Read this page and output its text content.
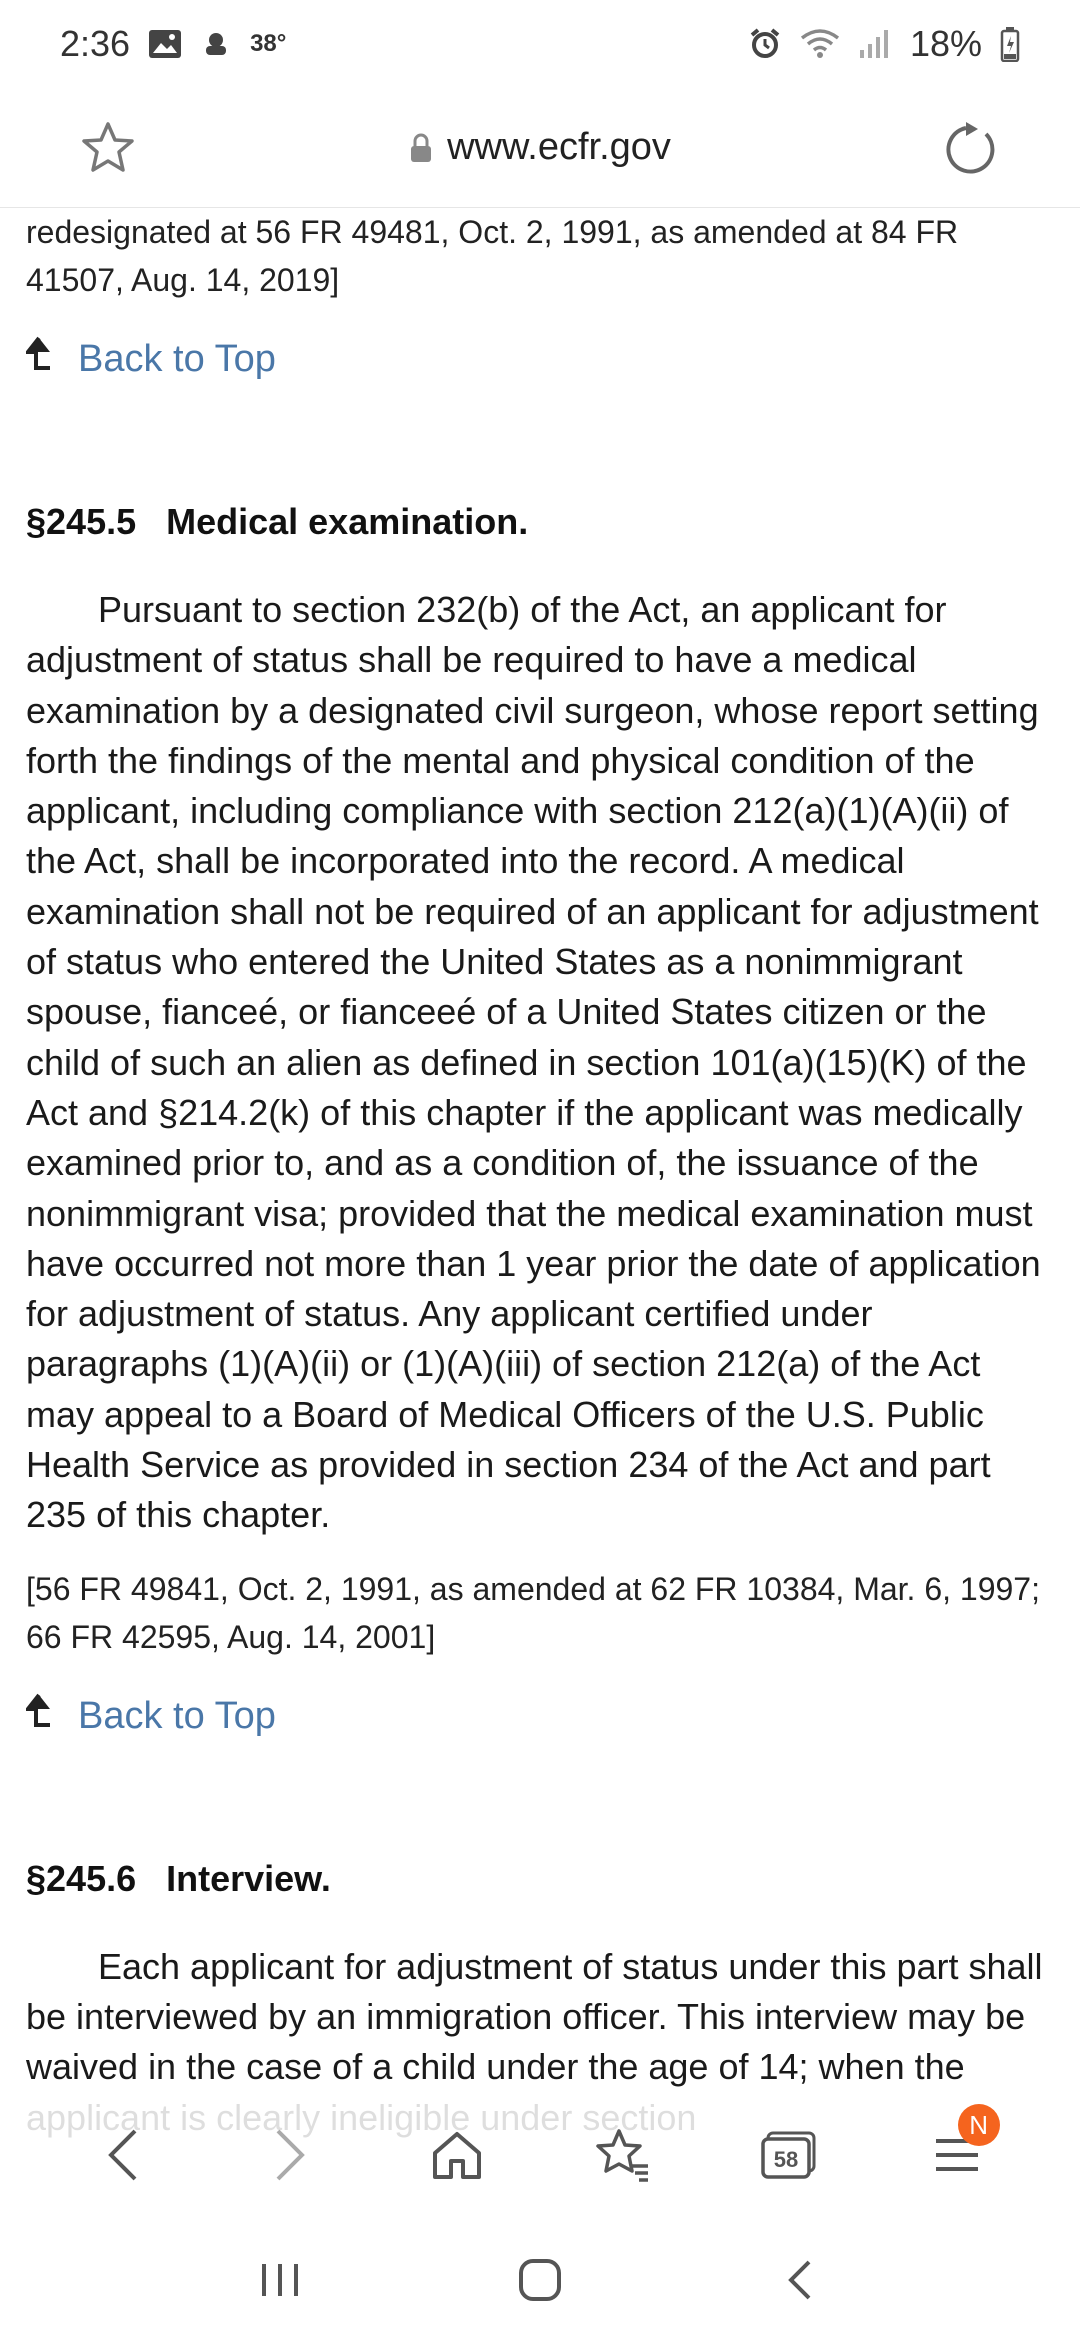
2:36	38°	18%
www.ecfr.gov

redesignated at 56 FR 49481, Oct. 2, 1991, as amended at 84 FR 41507, Aug. 14, 2019]

Back to Top
§245.5 Medical examination.

Pursuant to section 232(b) of the Act, an applicant for adjustment of status shall be required to have a medical examination by a designated civil surgeon, whose report setting forth the findings of the mental and physical condition of the applicant, including compliance with section 212(a)(1)(A)(ii) of the Act, shall be incorporated into the record. A medical examination shall not be required of an applicant for adjustment of status who entered the United States as a nonimmigrant spouse, fianceé, or fianceeé of a United States citizen or the child of such an alien as defined in section 101(a)(15)(K) of the Act and §214.2(k) of this chapter if the applicant was medically examined prior to, and as a condition of, the issuance of the nonimmigrant visa; provided that the medical examination must have occurred not more than 1 year prior the date of application for adjustment of status. Any applicant certified under paragraphs (1)(A)(ii) or (1)(A)(iii) of section 212(a) of the Act may appeal to a Board of Medical Officers of the U.S. Public Health Service as provided in section 234 of the Act and part 235 of this chapter.

[56 FR 49841, Oct. 2, 1991, as amended at 62 FR 10384, Mar. 6, 1997; 66 FR 42595, Aug. 14, 2001]

Back to Top
§245.6 Interview.

Each applicant for adjustment of status under this part shall be interviewed by an immigration officer. This interview may be waived in the case of a child under the age of 14; when the

58
N
